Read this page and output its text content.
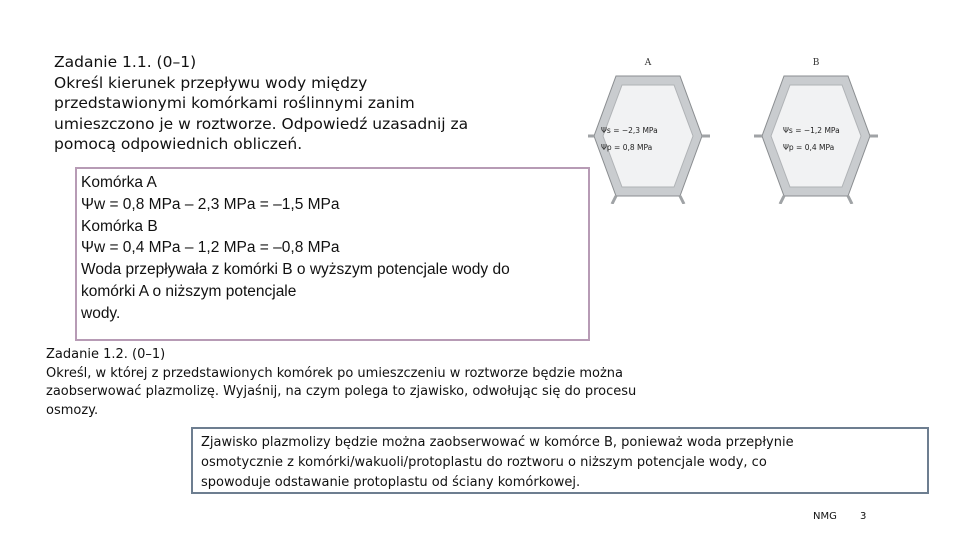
Zadanie 1.1. (0–1)
Określ kierunek przepływu wody między
przedstawionymi komórkami roślinnymi zanim
umieszczono je w roztworze. Odpowiedź uzasadnij za
pomocą odpowiednich obliczeń.
A
Ψs = −2,3 MPa
Ψp = 0,8 MPa
B
Ψs = −1,2 MPa
Ψp = 0,4 MPa
Komórka A
Ψw = 0,8 MPa – 2,3 MPa = –1,5 MPa
Komórka B
Ψw = 0,4 MPa – 1,2 MPa = –0,8 MPa
Woda przepływała z komórki B o wyższym potencjale wody do
komórki A o niższym potencjale
wody.
Zadanie 1.2. (0–1)
Określ, w której z przedstawionych komórek po umieszczeniu w roztworze będzie można
zaobserwować plazmolizę. Wyjaśnij, na czym polega to zjawisko, odwołując się do procesu
osmozy.
Zjawisko plazmolizy będzie można zaobserwować w komórce B, ponieważ woda przepłynie
osmotycznie z komórki/wakuoli/protoplastu do roztworu o niższym potencjale wody, co
spowoduje odstawanie protoplastu od ściany komórkowej.
NMG 3
